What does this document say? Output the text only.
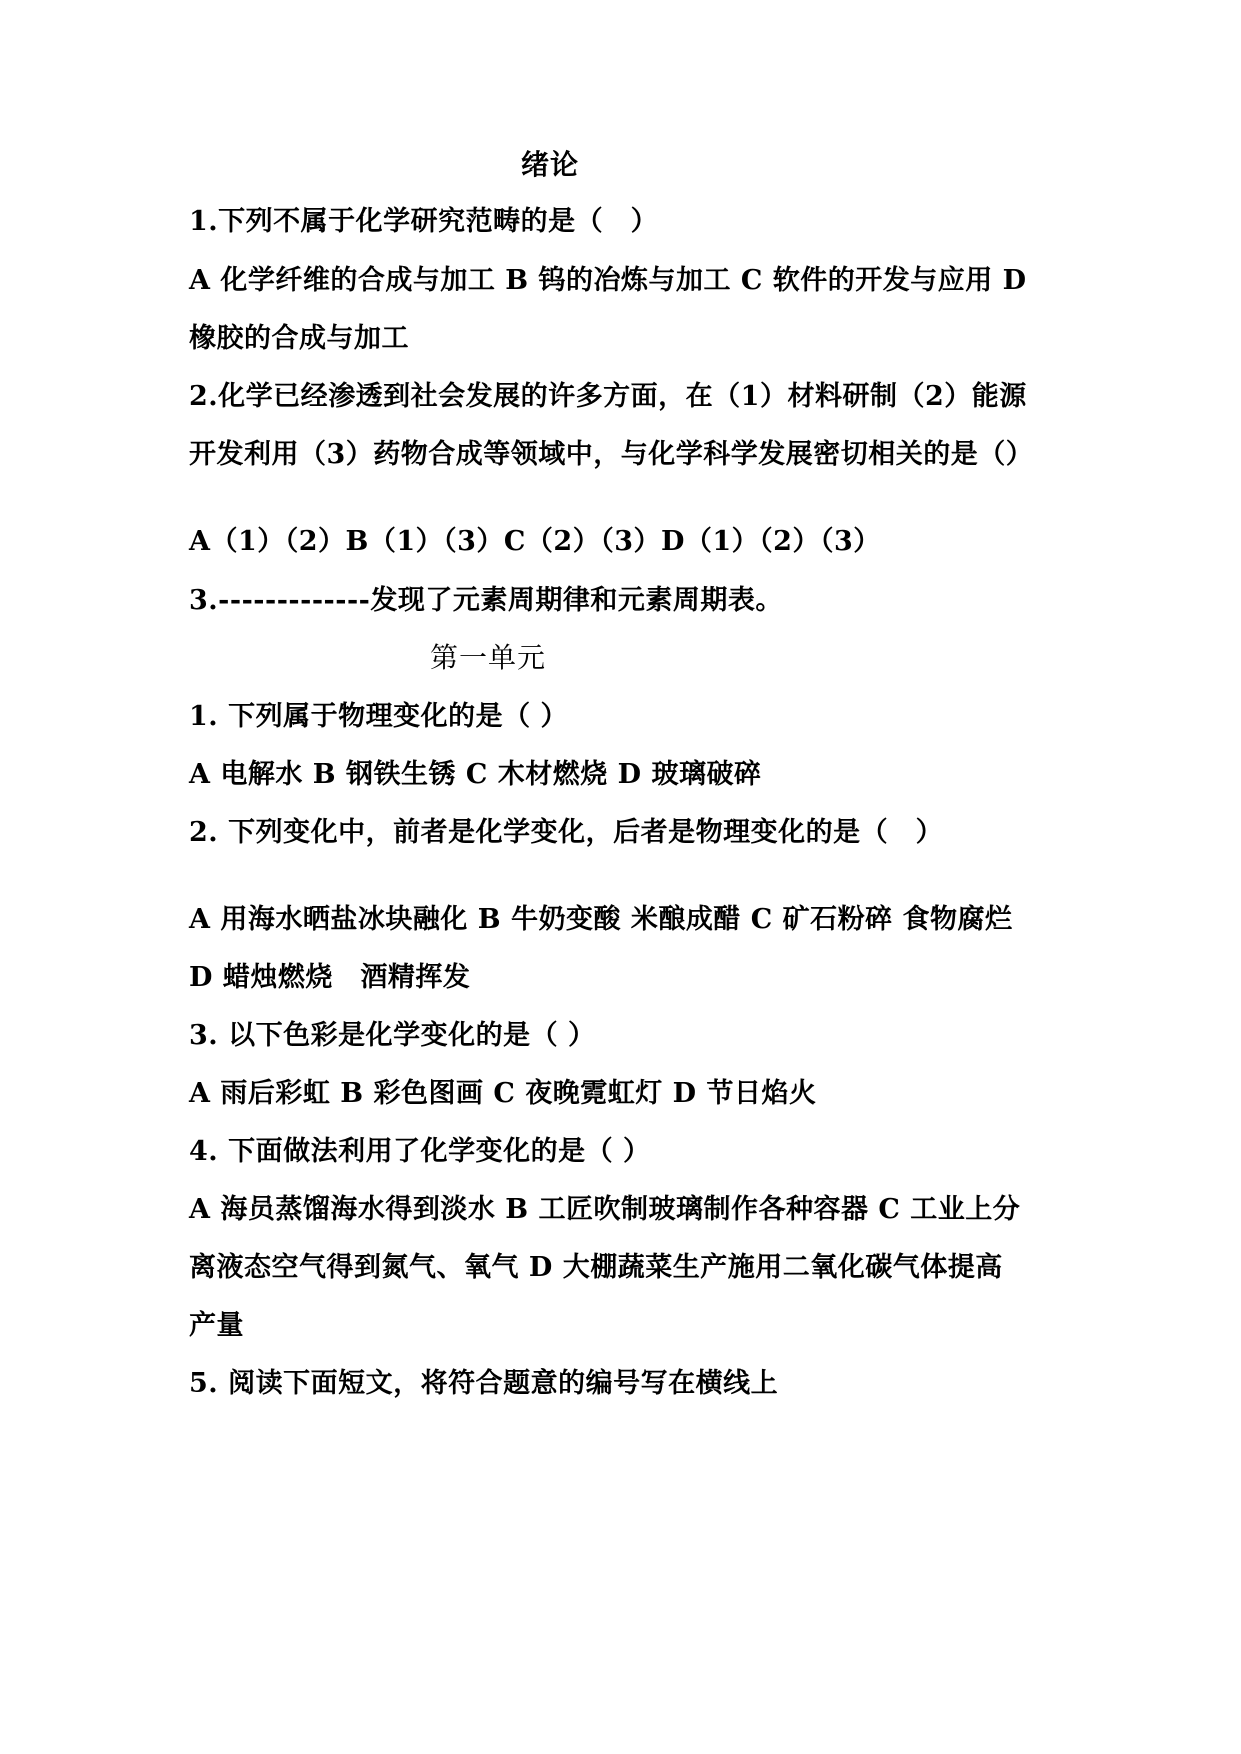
绪论
1.下列不属于化学研究范畴的是（　）
A 化学纤维的合成与加工 B 钨的冶炼与加工 C 软件的开发与应用 D
橡胶的合成与加工
2.化学已经渗透到社会发展的许多方面，在（1）材料研制（2）能源
开发利用（3）药物合成等领域中，与化学科学发展密切相关的是（）
A（1）（2）B（1）（3）C（2）（3）D（1）（2）（3）
3.-------------发现了元素周期律和元素周期表。
第一单元
1. 下列属于物理变化的是（ ）
A 电解水 B 钢铁生锈 C 木材燃烧 D 玻璃破碎
2. 下列变化中，前者是化学变化，后者是物理变化的是（　）
A 用海水晒盐冰块融化 B 牛奶变酸 米酿成醋 C 矿石粉碎 食物腐烂
D 蜡烛燃烧　酒精挥发
3. 以下色彩是化学变化的是（ ）
A 雨后彩虹 B 彩色图画 C 夜晚霓虹灯 D 节日焰火
4. 下面做法利用了化学变化的是（ ）
A 海员蒸馏海水得到淡水 B 工匠吹制玻璃制作各种容器 C 工业上分
离液态空气得到氮气、氧气 D 大棚蔬菜生产施用二氧化碳气体提高
产量
5. 阅读下面短文，将符合题意的编号写在横线上
